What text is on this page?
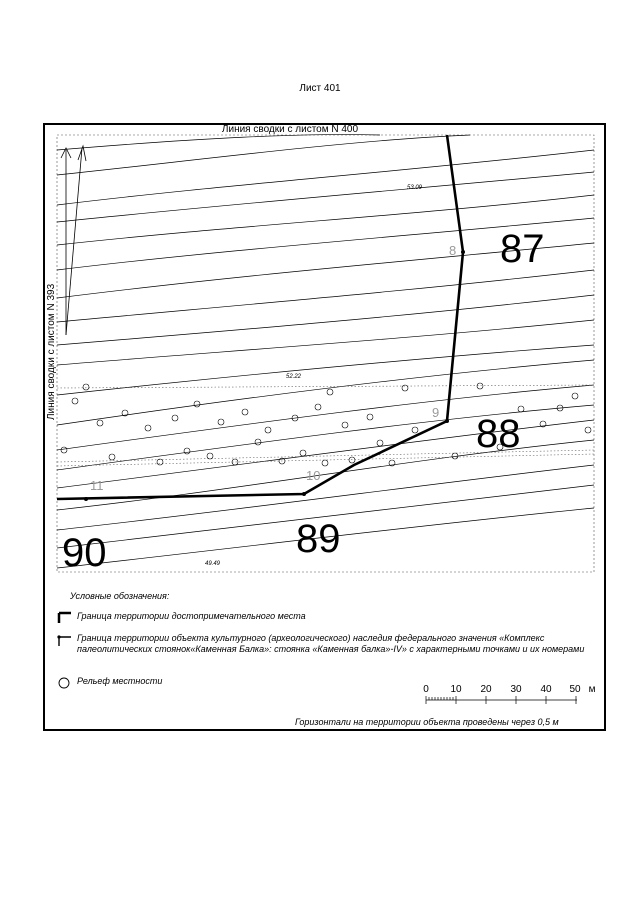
Лист 401
Линия сводки с листом N 400
Линия сводки с листом N 393
53.09
52.22
49.49
87
88
89
90
8
9
10
11
0 10 20 30 40 50 м
Условные обозначения:
Граница территории достопримечательного места
Граница территории объекта культурного (археологического) наследия федерального значения «Комплекс палеолитических стоянок«Каменная Балка»: стоянка «Каменная балка»-IV» с характерными точками и их номерами
Рельеф местности
Горизонтали на территории объекта проведены через 0,5 м
